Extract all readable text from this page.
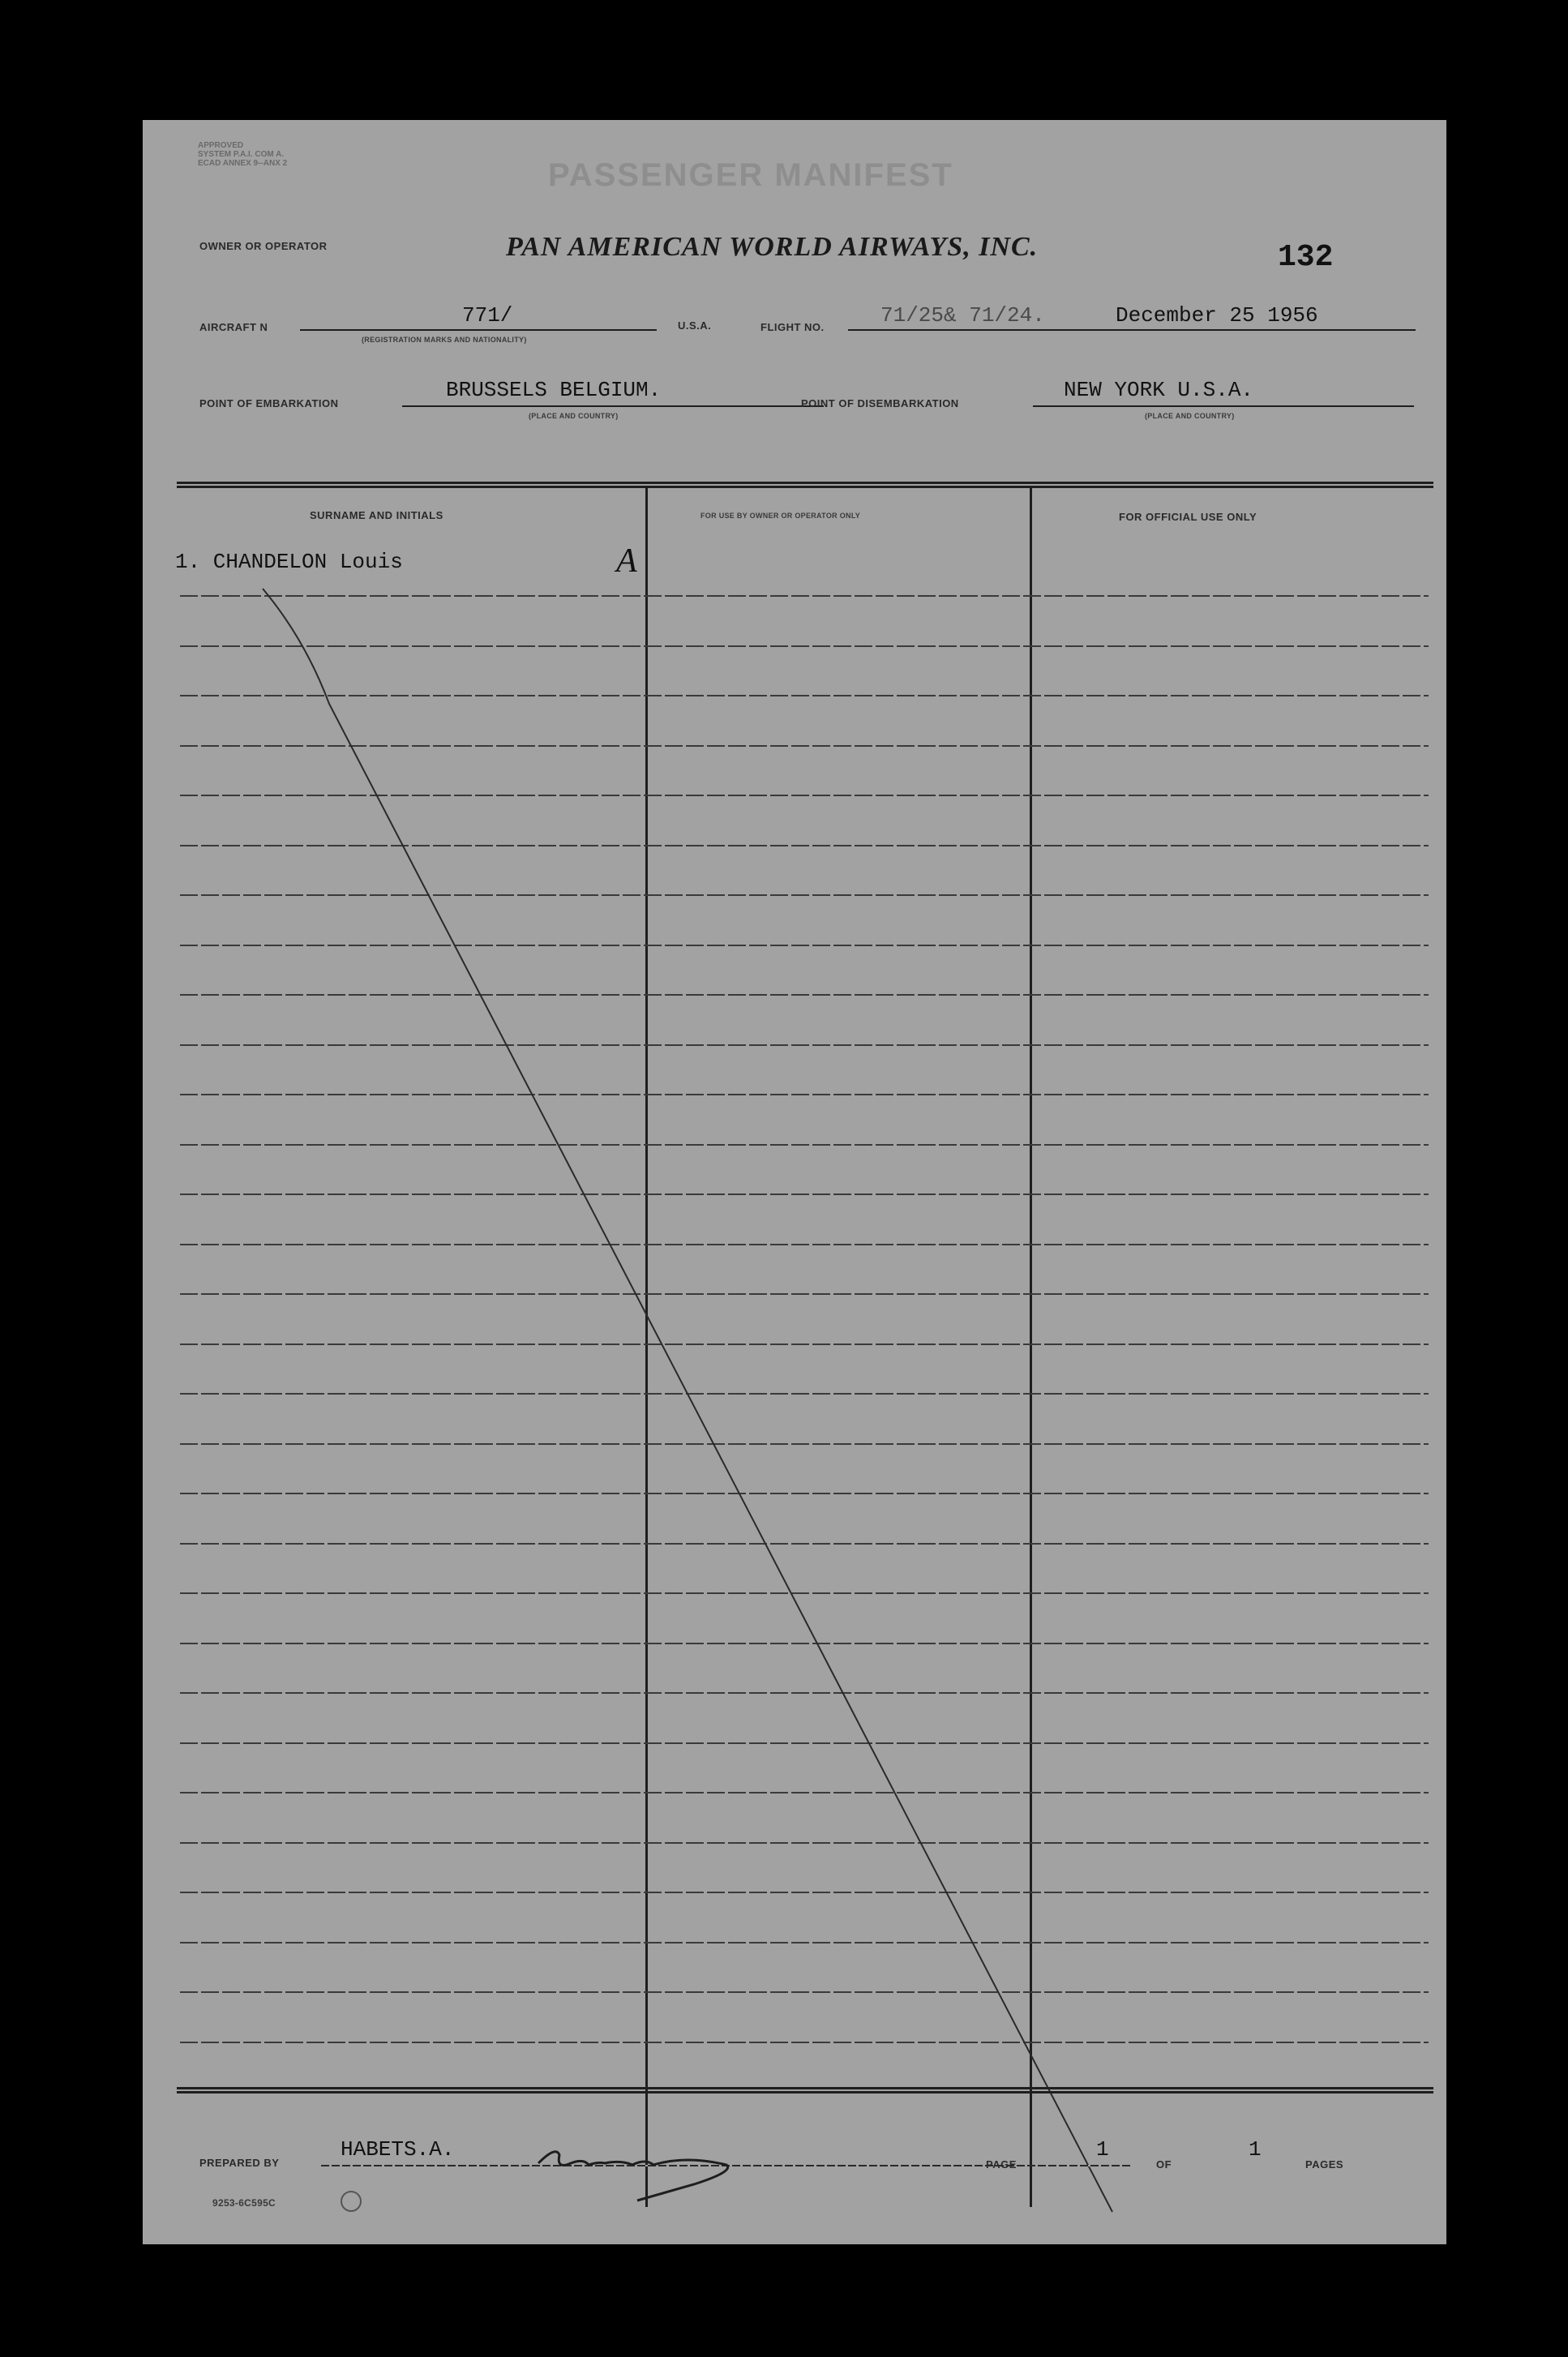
APPROVED
SYSTEM P.A.I. COM A.
ECAD ANNEX 9--ANX 2	PASSENGER MANIFEST
OWNER OR OPERATOR	PAN AMERICAN WORLD AIRWAYS, INC.	132
AIRCRAFT N	771/
(REGISTRATION MARKS AND NATIONALITY)
U.S.A.	FLIGHT NO.	71/25& 71/24.	December 25 1956
POINT OF EMBARKATION
BRUSSELS BELGIUM.
(PLACE AND COUNTRY)
POINT OF DISEMBARKATION
NEW YORK U.S.A.
(PLACE AND COUNTRY)
SURNAME AND INITIALS	FOR USE BY OWNER OR OPERATOR ONLY	FOR OFFICIAL USE ONLY
1. CHANDELON Louis	A
PREPARED BY
HABETS.A.
PAGE
1
OF
1
PAGES
9253-6C595C
